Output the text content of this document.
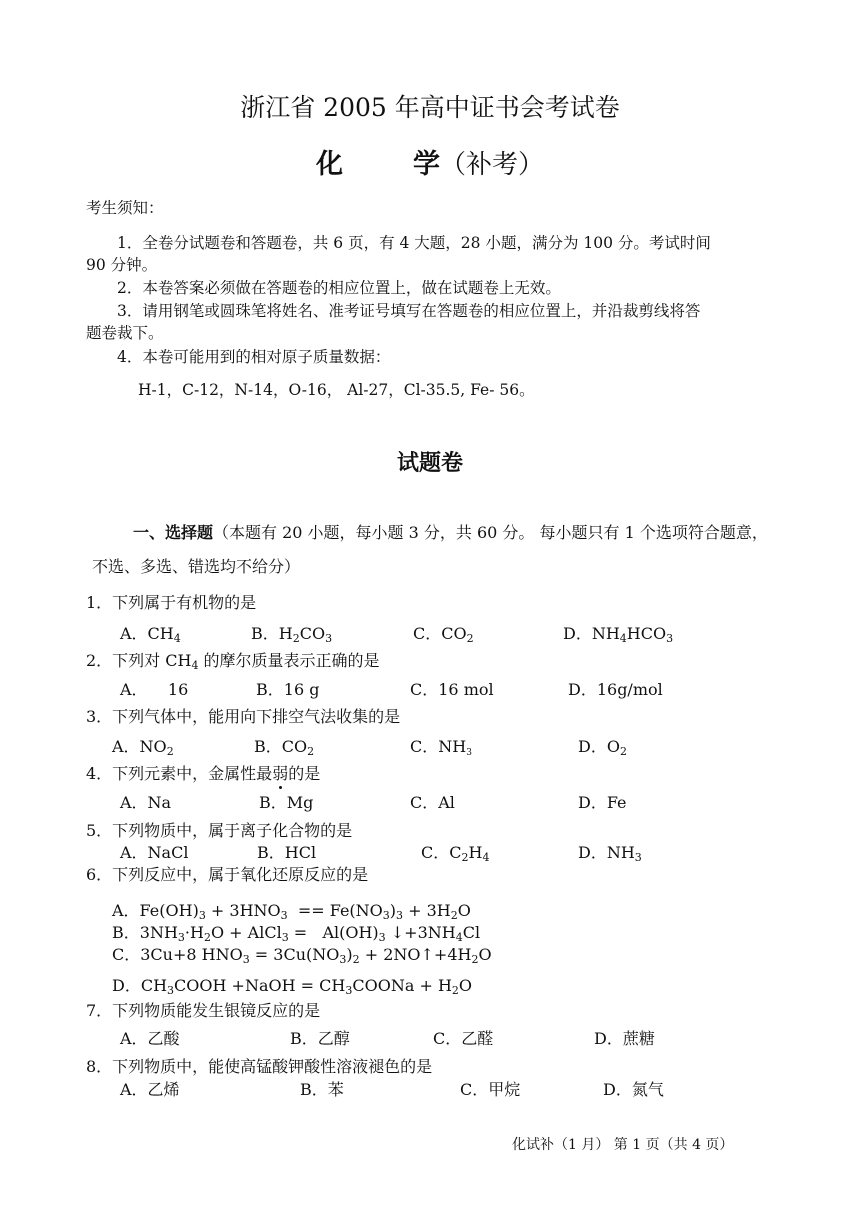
浙江省 2005 年高中证书会考试卷
化	学（补考）
考生须知：
1．全卷分试题卷和答题卷，共 6 页，有 4 大题，28 小题，满分为 100 分。考试时间
90 分钟。
2．本卷答案必须做在答题卷的相应位置上，做在试题卷上无效。
3．请用钢笔或圆珠笔将姓名、准考证号填写在答题卷的相应位置上，并沿裁剪线将答
题卷裁下。
4．本卷可能用到的相对原子质量数据：
H-1，C-12，N-14，O-16， Al-27，Cl-35.5, Fe- 56。
试题卷
一、选择题（本题有 20 小题，每小题 3 分，共 60 分。 每小题只有 1 个选项符合题意，
不选、多选、错选均不给分）
1．下列属于有机物的是
A．$CH_4$	B．$H_2CO_3$	C．$CO_2$	D．$NH_4HCO_3$
2．下列对 $CH_4$ 的摩尔质量表示正确的是
A．    16	B．16 g	C．16 mol	D．16g/mol
3．下列气体中，能用向下排空气法收集的是
A．$NO_2$	B．$CO_2$	C．$NH_3$	D．$O_2$
4．下列元素中，金属性最弱的是
A．Na	B．Mg	C．Al	D．Fe
5．下列物质中，属于离子化合物的是
A．NaCl	B．HCl	C．$C_2H_4$	D．$NH_3$
6．下列反应中，属于氧化还原反应的是
A．$Fe(OH)_3 + 3HNO_3 == Fe(NO_3)_3 + 3H_2O$
B．$3NH_3\cdot H_2O$ + AlCl$_3$ =   $Al(OH)_3$ $↓+3NH_4Cl$
C．3Cu+8 $HNO_3 = 3Cu(NO_3)_2$ + $2NO↑+4H_2O$
D．$CH_3COOH$ +NaOH = $CH_3COONa + H_2O$
7．下列物质能发生银镜反应的是
A．乙酸	B．乙醇	C．乙醛	D．蔗糖
8．下列物质中，能使高锰酸钾酸性溶液褪色的是
A．乙烯	B．苯	C．甲烷	D．氮气
化试补（1 月） 第 1 页（共 4 页）
